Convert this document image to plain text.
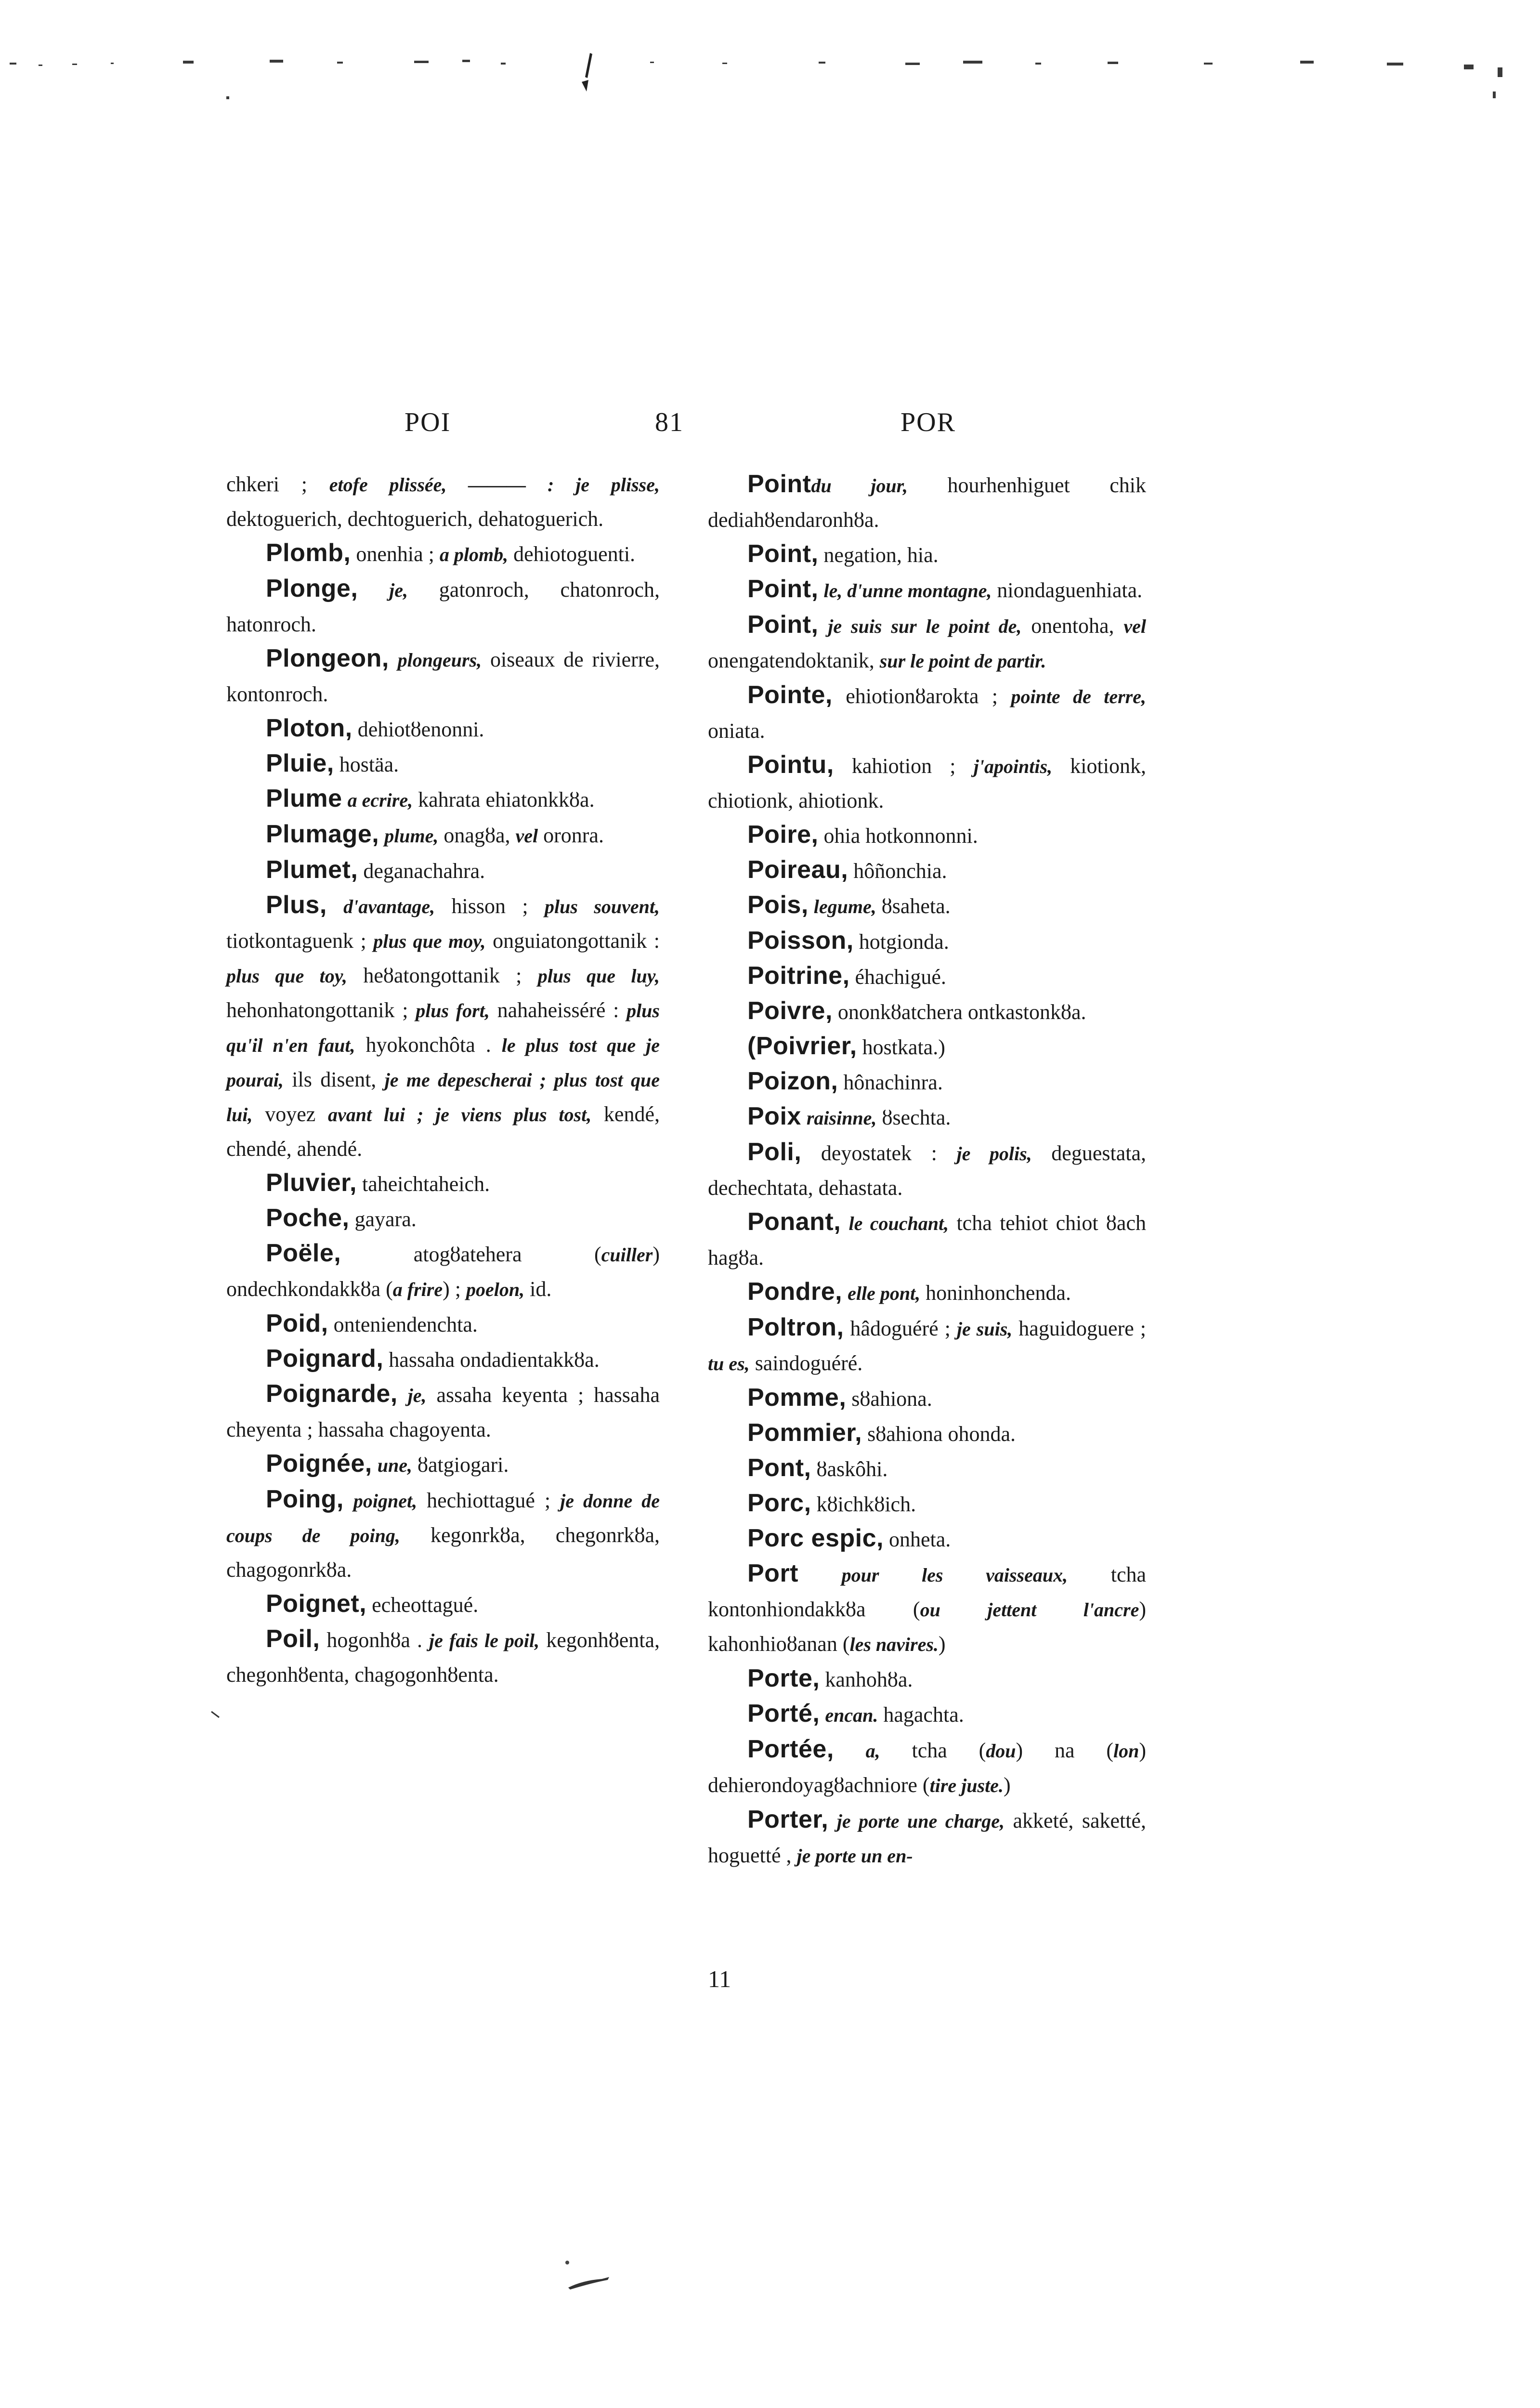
POI	81	POR

chkeri ; etofe plissée, ——— : je plisse, dektoguerich, dechtoguerich, dehatoguerich.

Plomb, onenhia ; a plomb, dehiotoguenti.

Plonge, je, gatonroch, chatonroch, hatonroch.

Plongeon, plongeurs, oiseaux de rivierre, kontonroch.

Ploton, dehiotȣenonni.

Pluie, hostäa.

Plume a ecrire, kahrata ehiatonkkȣa.

Plumage, plume, onagȣa, vel oronra.

Plumet, deganachahra.

Plus, d'avantage, hisson ; plus souvent, tiotkontaguenk ; plus que moy, onguiatongottanik : plus que toy, heȣatongottanik ; plus que luy, hehonhatongottanik ; plus fort, nahaheisséré : plus qu'il n'en faut, hyokonchôta . le plus tost que je pourai, ils disent, je me depescherai ; plus tost que lui, voyez avant lui ; je viens plus tost, kendé, chendé, ahendé.

Pluvier, taheichtaheich.

Poche, gayara.

Poële, atogȣatehera (cuiller) ondechkondakkȣa (a frire) ; poelon, id.

Poid, onteniendenchta.

Poignard, hassaha ondadientakkȣa.

Poignarde, je, assaha keyenta ; hassaha cheyenta ; hassaha chagoyenta.

Poignée, une, ȣatgiogari.

Poing, poignet, hechiottagué ; je donne de coups de poing, kegonrkȣa, chegonrkȣa, chagogonrkȣa.

Poignet, echeottagué.

Poil, hogonhȣa . je fais le poil, kegonhȣenta, chegonhȣenta, chagogonhȣenta.

Pointdu jour, hourhenhiguet chik dediahȣendaronhȣa.

Point, negation, hia.

Point, le, d'unne montagne, niondaguenhiata.

Point, je suis sur le point de, onentoha, vel onengatendoktanik, sur le point de partir.

Pointe, ehiotionȣarokta ; pointe de terre, oniata.

Pointu, kahiotion ; j'apointis, kiotionk, chiotionk, ahiotionk.

Poire, ohia hotkonnonni.

Poireau, hôñonchia.

Pois, legume, ȣsaheta.

Poisson, hotgionda.

Poitrine, éhachigué.

Poivre, ononkȣatchera ontkastonkȣa.

(Poivrier, hostkata.)

Poizon, hônachinra.

Poix raisinne, ȣsechta.

Poli, deyostatek : je polis, deguestata, dechechtata, dehastata.

Ponant, le couchant, tcha tehiot chiot ȣach hagȣa.

Pondre, elle pont, honinhonchenda.

Poltron, hâdoguéré ; je suis, haguidoguere ; tu es, saindoguéré.

Pomme, sȣahiona.

Pommier, sȣahiona ohonda.

Pont, ȣaskôhi.

Porc, kȣichkȣich.

Porc espic, onheta.

Port pour les vaisseaux, tcha kontonhiondakkȣa (ou jettent l'ancre) kahonhioȣanan (les navires.)

Porte, kanhohȣa.

Porté, encan. hagachta.

Portée, a, tcha (dou) na (lon) dehierondoyagȣachniore (tire juste.)

Porter, je porte une charge, akketé, saketté, hoguetté , je porte un en-

11
